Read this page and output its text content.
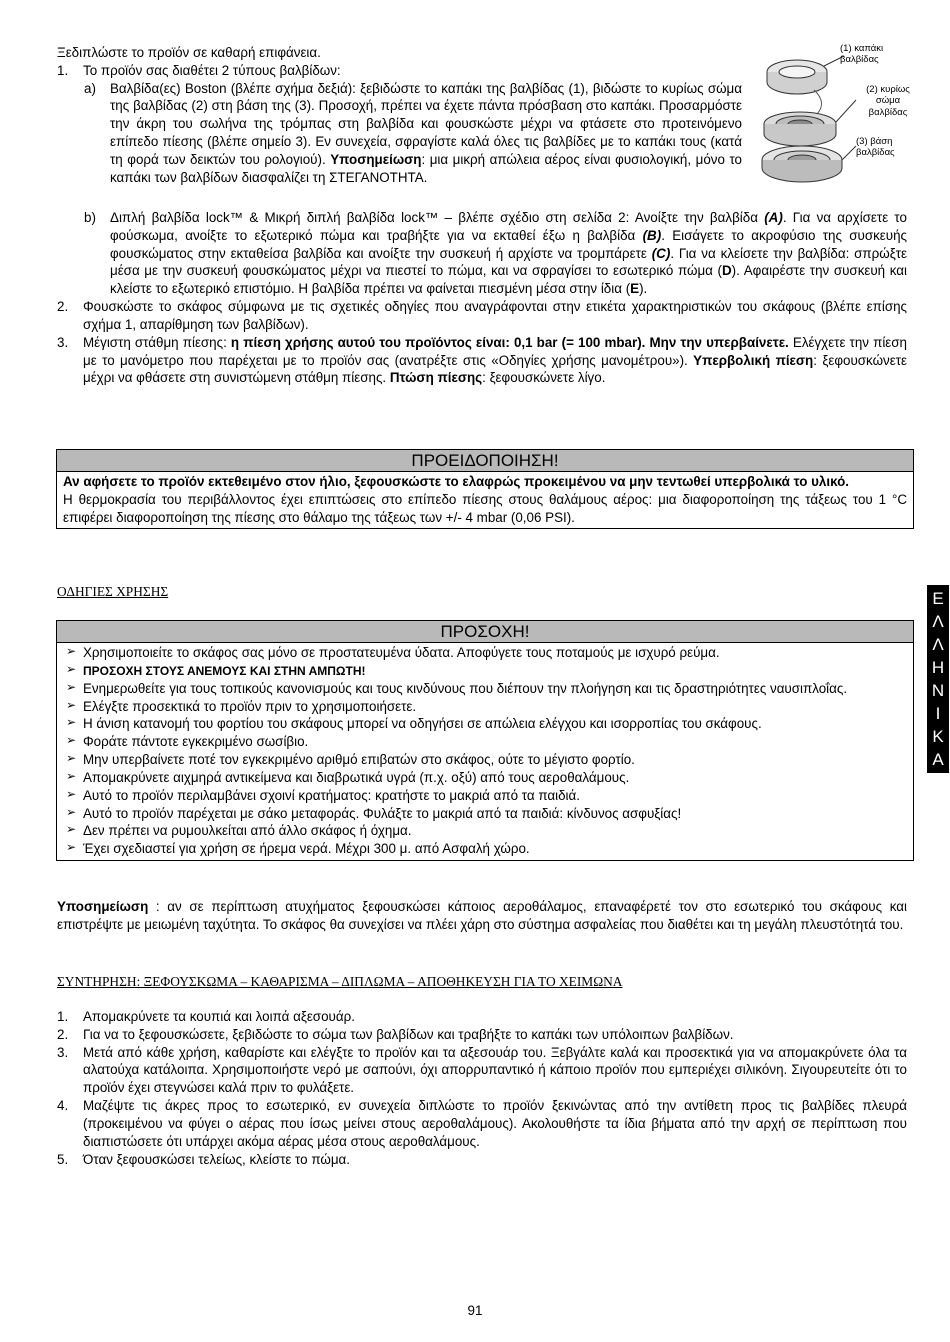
Ξεδιπλώστε το προϊόν σε καθαρή επιφάνεια.

1. Το προϊόν σας διαθέτει 2 τύπους βαλβίδων:
a) Βαλβίδα(ες) Boston (βλέπε σχήμα δεξιά): ξεβιδώστε το καπάκι της βαλβίδας (1), βιδώστε το κυρίως σώμα της βαλβίδας (2) στη βάση της (3). Προσοχή, πρέπει να έχετε πάντα πρόσβαση στο καπάκι. Προσαρμόστε την άκρη του σωλήνα της τρόμπας στη βαλβίδα και φουσκώστε μέχρι να φτάσετε στο προτεινόμενο επίπεδο πίεσης (βλέπε σημείο 3). Εν συνεχεία, σφραγίστε καλά όλες τις βαλβίδες με το καπάκι τους (κατά τη φορά των δεικτών του ρολογιού). Υποσημείωση: μια μικρή απώλεια αέρος είναι φυσιολογική, μόνο το καπάκι των βαλβίδων διασφαλίζει τη ΣΤΕΓΑΝΟΤΗΤΑ.
(1) καπάκι βαλβίδας
(2) κυρίως σώμα βαλβίδας
(3) βάση βαλβίδας
b) Διπλή βαλβίδα lock™ & Μικρή διπλή βαλβίδα lock™ – βλέπε σχέδιο στη σελίδα 2: Ανοίξτε την βαλβίδα (A). Για να αρχίσετε το φούσκωμα, ανοίξτε το εξωτερικό πώμα και τραβήξτε για να εκταθεί έξω η βαλβίδα (B). Εισάγετε το ακροφύσιο της συσκευής φουσκώματος στην εκταθείσα βαλβίδα και ανοίξτε την συσκευή ή αρχίστε να τρομπάρετε (C). Για να κλείσετε την βαλβίδα: σπρώξτε μέσα με την συσκευή φουσκώματος μέχρι να πιεστεί το πώμα, και να σφραγίσει το εσωτερικό πώμα (D). Αφαιρέστε την συσκευή και κλείστε το εξωτερικό επιστόμιο. Η βαλβίδα πρέπει να φαίνεται πιεσμένη μέσα στην ίδια (E).
2. Φουσκώστε το σκάφος σύμφωνα με τις σχετικές οδηγίες που αναγράφονται στην ετικέτα χαρακτηριστικών του σκάφους (βλέπε επίσης σχήμα 1, απαρίθμηση των βαλβίδων).
3. Μέγιστη στάθμη πίεσης: η πίεση χρήσης αυτού του προϊόντος είναι: 0,1 bar (= 100 mbar). Μην την υπερβαίνετε. Ελέγχετε την πίεση με το μανόμετρο που παρέχεται με το προϊόν σας (ανατρέξτε στις «Οδηγίες χρήσης μανομέτρου»). Υπερβολική πίεση: ξεφουσκώνετε μέχρι να φθάσετε στη συνιστώμενη στάθμη πίεσης. Πτώση πίεσης: ξεφουσκώνετε λίγο.
ΠΡΟΕΙΔΟΠΟΙΗΣΗ!
Αν αφήσετε το προϊόν εκτεθειμένο στον ήλιο, ξεφουσκώστε το ελαφρώς προκειμένου να μην τεντωθεί υπερβολικά το υλικό.
Η θερμοκρασία του περιβάλλοντος έχει επιπτώσεις στο επίπεδο πίεσης στους θαλάμους αέρος: μια διαφοροποίηση της τάξεως του 1 °C επιφέρει διαφοροποίηση της πίεσης στο θάλαμο της τάξεως των +/- 4 mbar (0,06 PSI).
ΟΔΗΓΙΕΣ ΧΡΗΣΗΣ
ΠΡΟΣΟΧΗ!
➢ Χρησιμοποιείτε το σκάφος σας μόνο σε προστατευμένα ύδατα. Αποφύγετε τους ποταμούς με ισχυρό ρεύμα.
➢ ΠΡΟΣΟΧΗ ΣΤΟΥΣ ΑΝΕΜΟΥΣ ΚΑΙ ΣΤΗΝ ΑΜΠΩΤΗ!
➢ Ενημερωθείτε για τους τοπικούς κανονισμούς και τους κινδύνους που διέπουν την πλοήγηση και τις δραστηριότητες ναυσιπλοΐας.
➢ Ελέγξτε προσεκτικά το προϊόν πριν το χρησιμοποιήσετε.
➢ Η άνιση κατανομή του φορτίου του σκάφους μπορεί να οδηγήσει σε απώλεια ελέγχου και ισορροπίας του σκάφους.
➢ Φοράτε πάντοτε εγκεκριμένο σωσίβιο.
➢ Μην υπερβαίνετε ποτέ τον εγκεκριμένο αριθμό επιβατών στο σκάφος, ούτε το μέγιστο φορτίο.
➢ Απομακρύνετε αιχμηρά αντικείμενα και διαβρωτικά υγρά (π.χ. οξύ) από τους αεροθαλάμους.
➢ Αυτό το προϊόν περιλαμβάνει σχοινί κρατήματος: κρατήστε το μακριά από τα παιδιά.
➢ Αυτό το προϊόν παρέχεται με σάκο μεταφοράς. Φυλάξτε το μακριά από τα παιδιά: κίνδυνος ασφυξίας!
➢ Δεν πρέπει να ρυμουλκείται από άλλο σκάφος ή όχημα.
➢ Έχει σχεδιαστεί για χρήση σε ήρεμα νερά. Μέχρι 300 μ. από Ασφαλή χώρο.
Ε
Λ
Λ
Η
Ν
Ι
Κ
Α
Υποσημείωση : αν σε περίπτωση ατυχήματος ξεφουσκώσει κάποιος αεροθάλαμος, επαναφέρετέ τον στο εσωτερικό του σκάφους και επιστρέψτε με μειωμένη ταχύτητα. Το σκάφος θα συνεχίσει να πλέει χάρη στο σύστημα ασφαλείας που διαθέτει και τη μεγάλη πλευστότητά του.
ΣΥΝΤΗΡΗΣΗ: ΞΕΦΟΥΣΚΩΜΑ – ΚΑΘΑΡΙΣΜΑ – ΔΙΠΛΩΜΑ – ΑΠΟΘΗΚΕΥΣΗ ΓΙΑ ΤΟ ΧΕΙΜΩΝΑ
1. Απομακρύνετε τα κουπιά και λοιπά αξεσουάρ.
2. Για να το ξεφουσκώσετε, ξεβιδώστε το σώμα των βαλβίδων και τραβήξτε το καπάκι των υπόλοιπων βαλβίδων.
3. Μετά από κάθε χρήση, καθαρίστε και ελέγξτε το προϊόν και τα αξεσουάρ του. Ξεβγάλτε καλά και προσεκτικά για να απομακρύνετε όλα τα αλατούχα κατάλοιπα. Χρησιμοποιήστε νερό με σαπούνι, όχι απορρυπαντικό ή κάποιο προϊόν που εμπεριέχει σιλικόνη. Σιγουρευτείτε ότι το προϊόν έχει στεγνώσει καλά πριν το φυλάξετε.
4. Μαζέψτε τις άκρες προς το εσωτερικό, εν συνεχεία διπλώστε το προϊόν ξεκινώντας από την αντίθετη προς τις βαλβίδες πλευρά (προκειμένου να φύγει ο αέρας που ίσως μείνει στους αεροθαλάμους). Ακολουθήστε τα ίδια βήματα από την αρχή σε περίπτωση που διαπιστώσετε ότι υπάρχει ακόμα αέρας μέσα στους αεροθαλάμους.
5. Όταν ξεφουσκώσει τελείως, κλείστε το πώμα.
91
